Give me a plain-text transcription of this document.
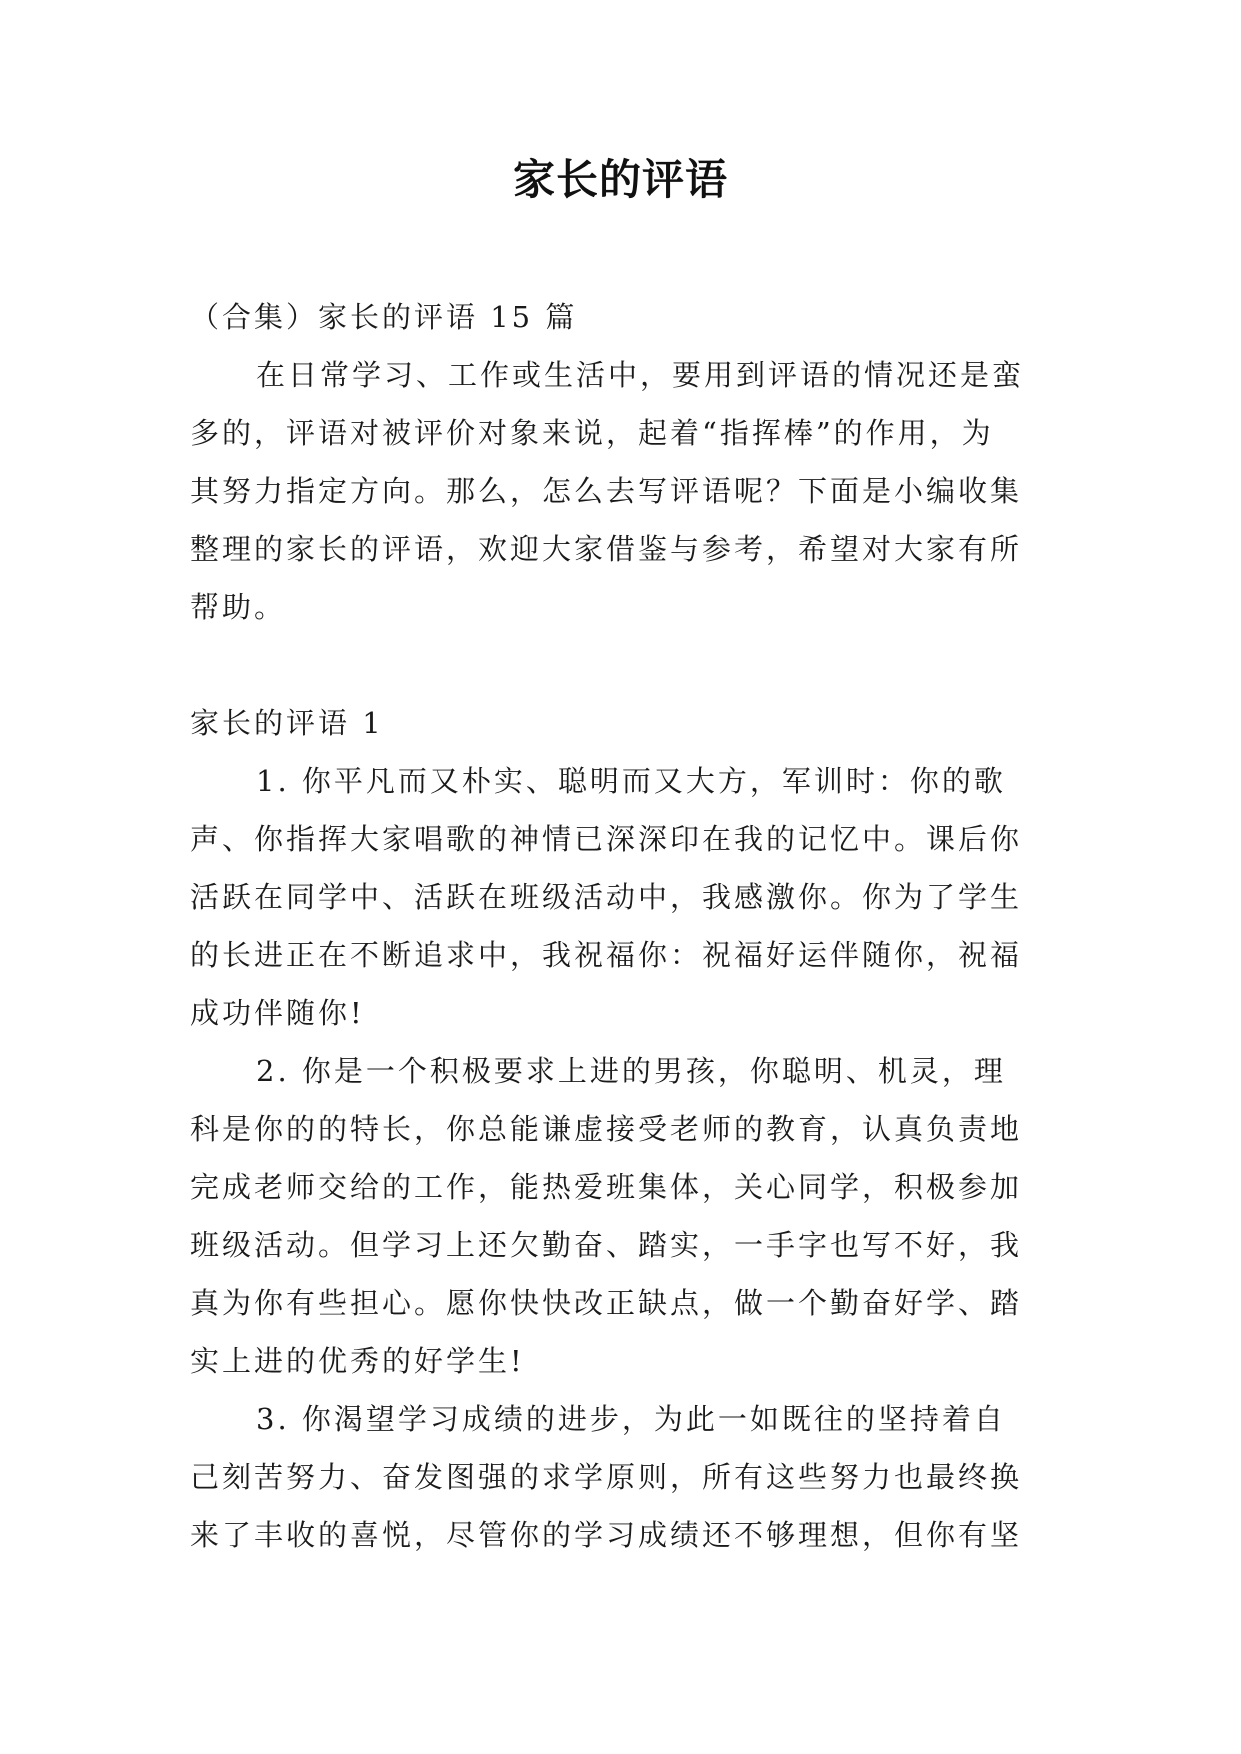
家长的评语

（合集）家长的评语 15 篇

在日常学习、工作或生活中，要用到评语的情况还是蛮

多的，评语对被评价对象来说，起着“指挥棒”的作用，为

其努力指定方向。那么，怎么去写评语呢？下面是小编收集

整理的家长的评语，欢迎大家借鉴与参考，希望对大家有所

帮助。

家长的评语 1

1. 你平凡而又朴实、聪明而又大方，军训时：你的歌

声、你指挥大家唱歌的神情已深深印在我的记忆中。课后你

活跃在同学中、活跃在班级活动中，我感激你。你为了学生

的长进正在不断追求中，我祝福你：祝福好运伴随你，祝福

成功伴随你!

2. 你是一个积极要求上进的男孩，你聪明、机灵，理

科是你的的特长，你总能谦虚接受老师的教育，认真负责地

完成老师交给的工作，能热爱班集体，关心同学，积极参加

班级活动。但学习上还欠勤奋、踏实，一手字也写不好，我

真为你有些担心。愿你快快改正缺点，做一个勤奋好学、踏

实上进的优秀的好学生!

3. 你渴望学习成绩的进步，为此一如既往的坚持着自

己刻苦努力、奋发图强的求学原则，所有这些努力也最终换

来了丰收的喜悦，尽管你的学习成绩还不够理想，但你有坚
